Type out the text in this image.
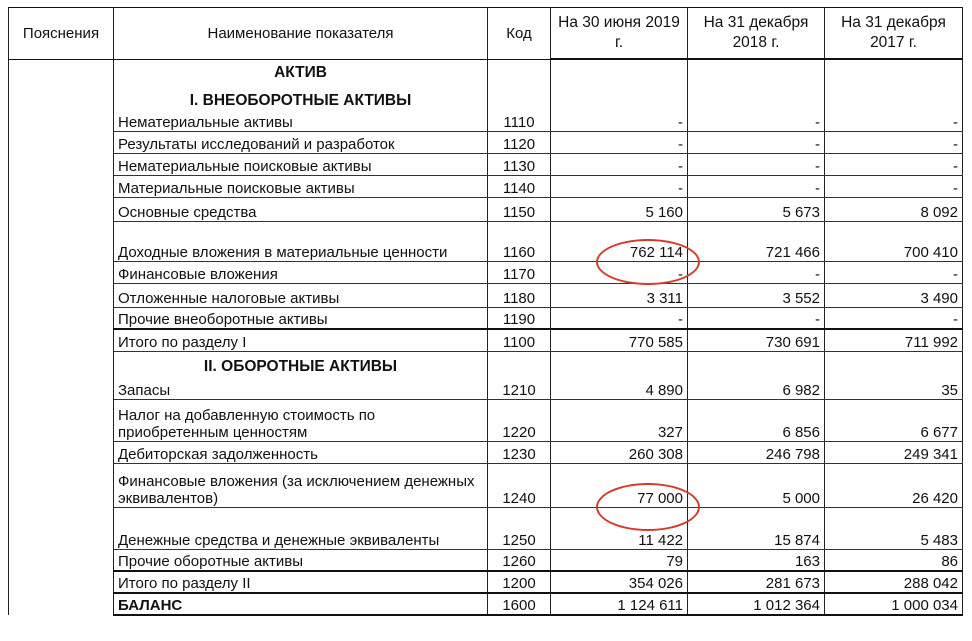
Пояснения	Наименование показателя	Код	На 30 июня 2019 г.	На 31 декабря 2018 г.	На 31 декабря 2017 г.
	АКТИВ				
I. ВНЕОБОРОТНЫЕ АКТИВЫ				
	Нематериальные активы	1110	-	-	-
	Результаты исследований и разработок	1120	-	-	-
	Нематериальные поисковые активы	1130	-	-	-
	Материальные поисковые активы	1140	-	-	-
	Основные средства	1150	5 160	5 673	8 092
	Доходные вложения в материальные ценности	1160	762 114	721 466	700 410
	Финансовые вложения	1170	-	-	-
	Отложенные налоговые активы	1180	3 311	3 552	3 490
	Прочие внеоборотные активы	1190	-	-	-
	Итого по разделу I	1100	770 585	730 691	711 992
	II. ОБОРОТНЫЕ АКТИВЫ				
	Запасы	1210	4 890	6 982	35
	Налог на добавленную стоимость по приобретенным ценностям	1220	327	6 856	6 677
	Дебиторская задолженность	1230	260 308	246 798	249 341
	Финансовые вложения (за исключением денежных эквивалентов)	1240	77 000	5 000	26 420
	Денежные средства и денежные эквиваленты	1250	11 422	15 874	5 483
	Прочие оборотные активы	1260	79	163	86
	Итого по разделу II	1200	354 026	281 673	288 042
	БАЛАНС	1600	1 124 611	1 012 364	1 000 034
